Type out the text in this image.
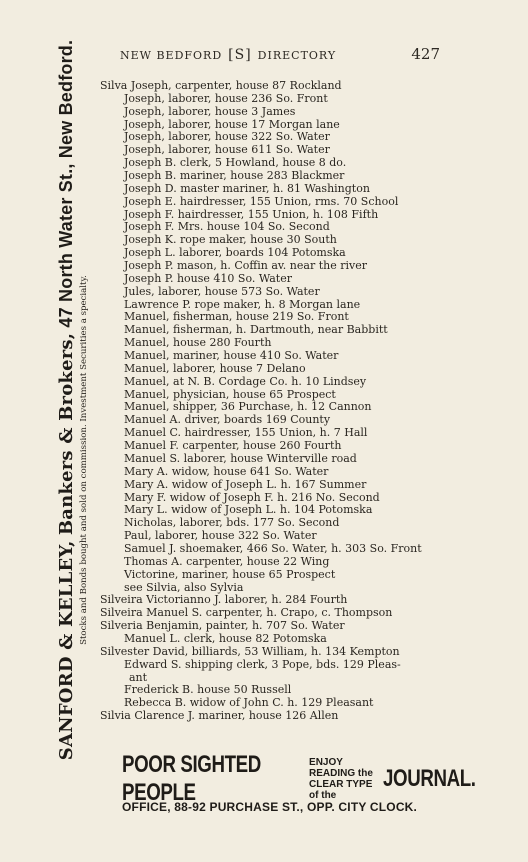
SANFORD & KELLEY,

Bankers & Brokers,

47 North Water St., New Bedford.
Stocks and Bonds bought and sold on commission. Investment Securities a specialty.
NEW BEDFORD [S] DIRECTORY	427
Silva Joseph, carpenter, house 87 Rockland
Joseph, laborer, house 236 So. Front
Joseph, laborer, house 3 James
Joseph, laborer, house 17 Morgan lane
Joseph, laborer, house 322 So. Water
Joseph, laborer, house 611 So. Water
Joseph B. clerk, 5 Howland, house 8 do.
Joseph B. mariner, house 283 Blackmer
Joseph D. master mariner, h. 81 Washington
Joseph E. hairdresser, 155 Union, rms. 70 School
Joseph F. hairdresser, 155 Union, h. 108 Fifth
Joseph F. Mrs. house 104 So. Second
Joseph K. rope maker, house 30 South
Joseph L. laborer, boards 104 Potomska
Joseph P. mason, h. Coffin av. near the river
Joseph P. house 410 So. Water
Jules, laborer, house 573 So. Water
Lawrence P. rope maker, h. 8 Morgan lane
Manuel, fisherman, house 219 So. Front
Manuel, fisherman, h. Dartmouth, near Babbitt
Manuel, house 280 Fourth
Manuel, mariner, house 410 So. Water
Manuel, laborer, house 7 Delano
Manuel, at N. B. Cordage Co. h. 10 Lindsey
Manuel, physician, house 65 Prospect
Manuel, shipper, 36 Purchase, h. 12 Cannon
Manuel A. driver, boards 169 County
Manuel C. hairdresser, 155 Union, h. 7 Hall
Manuel F. carpenter, house 260 Fourth
Manuel S. laborer, house Winterville road
Mary A. widow, house 641 So. Water
Mary A. widow of Joseph L. h. 167 Summer
Mary F. widow of Joseph F. h. 216 No. Second
Mary L. widow of Joseph L. h. 104 Potomska
Nicholas, laborer, bds. 177 So. Second
Paul, laborer, house 322 So. Water
Samuel J. shoemaker, 466 So. Water, h. 303 So. Front
Thomas A. carpenter, house 22 Wing
Victorine, mariner, house 65 Prospect
see Silvia, also Sylvia
Silveira Victorianno J. laborer, h. 284 Fourth
Silveira Manuel S. carpenter, h. Crapo, c. Thompson
Silveria Benjamin, painter, h. 707 So. Water
Manuel L. clerk, house 82 Potomska
Silvester David, billiards, 53 William, h. 134 Kempton
Edward S. shipping clerk, 3 Pope, bds. 129 Pleas-
ant
Frederick B. house 50 Russell
Rebecca B. widow of John C. h. 129 Pleasant
Silvia Clarence J. mariner, house 126 Allen
POOR SIGHTED PEOPLE
ENJOY READING the
CLEAR TYPE of the
JOURNAL.
OFFICE, 88-92 PURCHASE ST., OPP. CITY CLOCK.
